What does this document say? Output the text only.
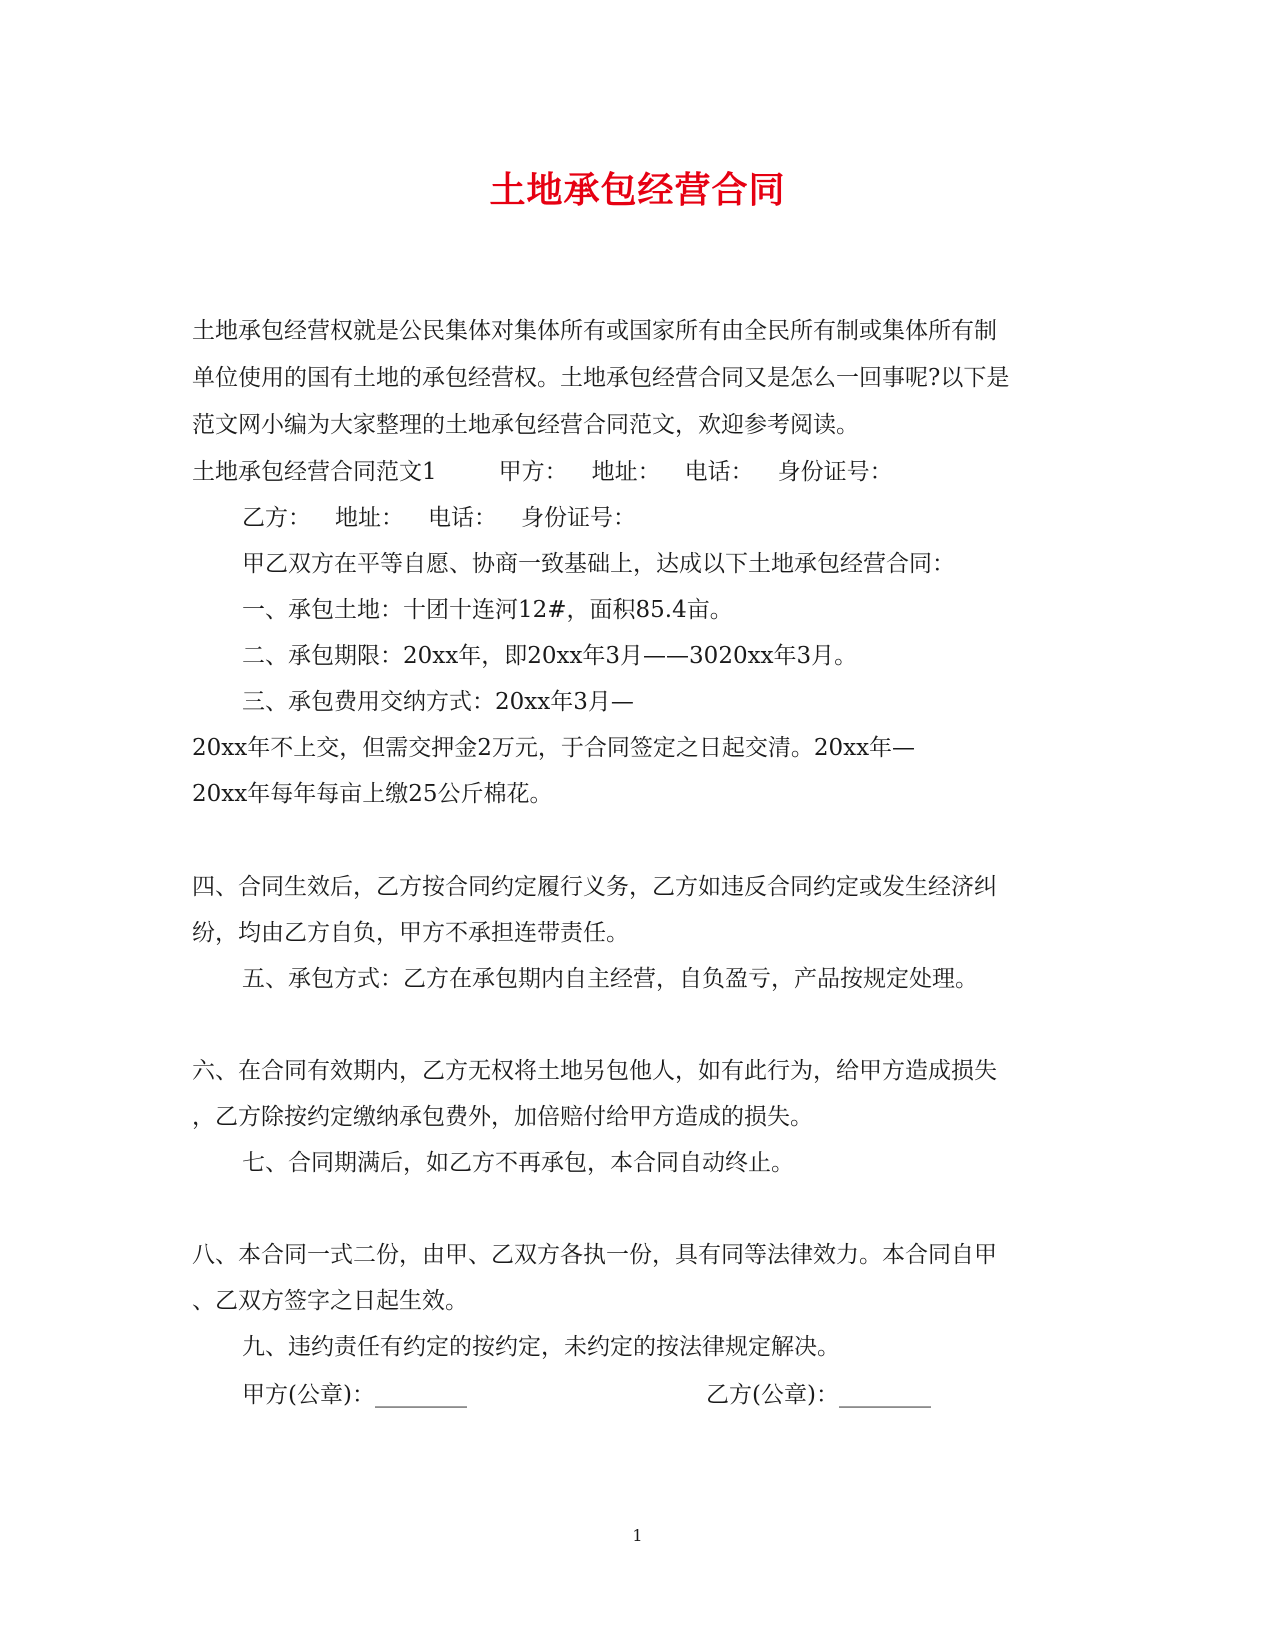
土地承包经营合同
土地承包经营权就是公民集体对集体所有或国家所有由全民所有制或集体所有制
单位使用的国有土地的承包经营权。土地承包经营合同又是怎么一回事呢?以下是
范文网小编为大家整理的土地承包经营合同范文，欢迎参考阅读。
土地承包经营合同范文1	甲方： 地址： 电话： 身份证号：
乙方： 地址： 电话： 身份证号：
甲乙双方在平等自愿、协商一致基础上，达成以下土地承包经营合同：
一、承包土地：十团十连河12#，面积85.4亩。
二、承包期限：20xx年，即20xx年3月——3020xx年3月。
三、承包费用交纳方式：20xx年3月—
20xx年不上交，但需交押金2万元，于合同签定之日起交清。20xx年—
20xx年每年每亩上缴25公斤棉花。
四、合同生效后，乙方按合同约定履行义务，乙方如违反合同约定或发生经济纠
纷，均由乙方自负，甲方不承担连带责任。
五、承包方式：乙方在承包期内自主经营，自负盈亏，产品按规定处理。
六、在合同有效期内，乙方无权将土地另包他人，如有此行为，给甲方造成损失
，乙方除按约定缴纳承包费外，加倍赔付给甲方造成的损失。
七、合同期满后，如乙方不再承包，本合同自动终止。
八、本合同一式二份，由甲、乙双方各执一份，具有同等法律效力。本合同自甲
、乙双方签字之日起生效。
九、违约责任有约定的按约定，未约定的按法律规定解决。
甲方(公章)：________	乙方(公章)：________
1
